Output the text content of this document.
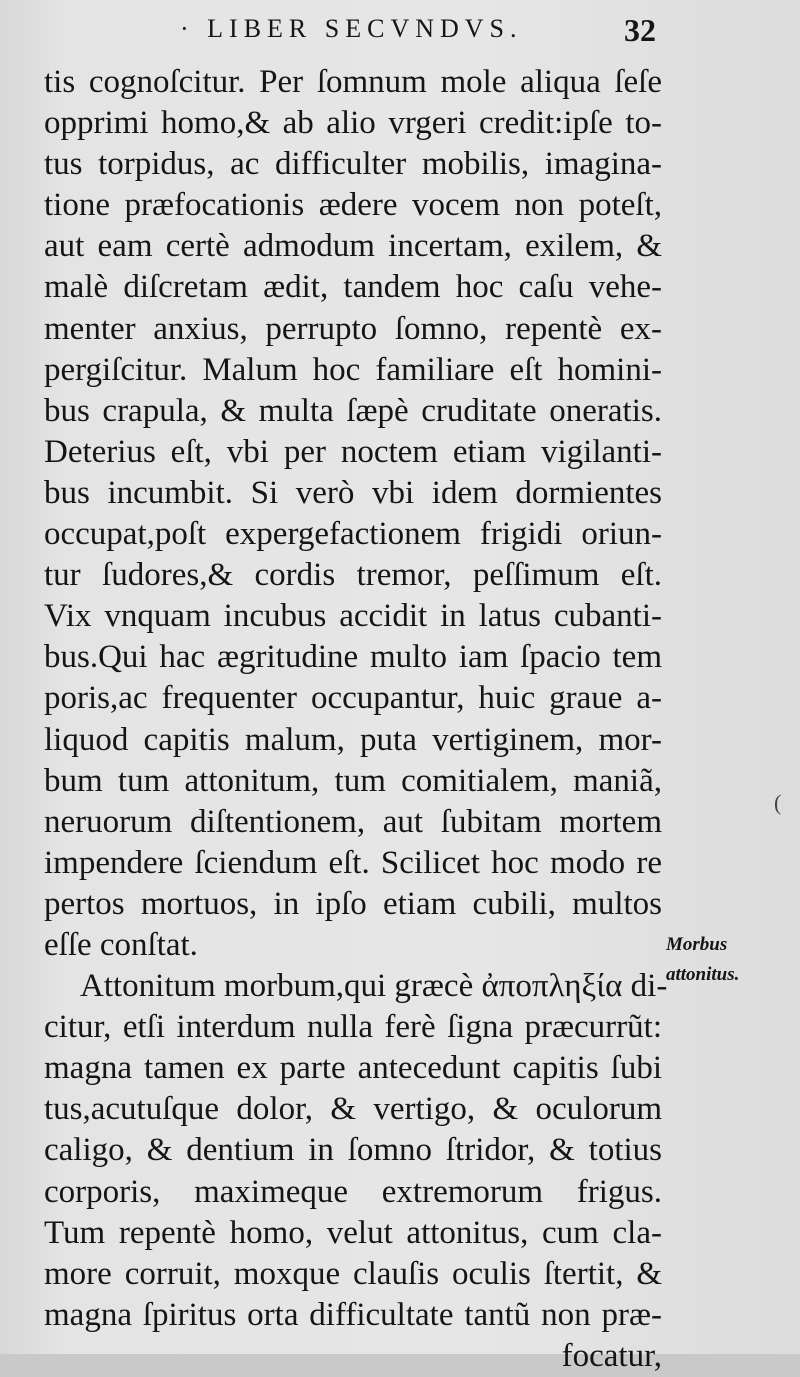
· LIBER SECVNDVS.	32
tis cognoſcitur. Per ſomnum mole aliqua ſeſe
opprimi homo,& ab alio vrgeri credit:ipſe to-
tus torpidus, ac difficulter mobilis, imagina-
tione præfocationis ædere vocem non poteſt,
aut eam certè admodum incertam, exilem, &
malè diſcretam ædit, tandem hoc caſu vehe-
menter anxius, perrupto ſomno, repentè ex-
pergiſcitur. Malum hoc familiare eſt homini-
bus crapula, & multa ſæpè cruditate oneratis.
Deterius eſt, vbi per noctem etiam vigilanti-
bus incumbit. Si verò vbi idem dormientes
occupat,poſt expergefactionem frigidi oriun-
tur ſudores,& cordis tremor, peſſimum eſt.
Vix vnquam incubus accidit in latus cubanti-
bus.Qui hac ægritudine multo iam ſpacio tem
poris,ac frequenter occupantur, huic graue a-
liquod capitis malum, puta vertiginem, mor-
bum tum attonitum, tum comitialem, maniã,
neruorum diſtentionem, aut ſubitam mortem
impendere ſciendum eſt. Scilicet hoc modo re
pertos mortuos, in ipſo etiam cubili, multos
eſſe conſtat.
Attonitum morbum,qui græcè ἀποπληξία di-
citur, etſi interdum nulla ferè ſigna præcurrũt:
magna tamen ex parte antecedunt capitis ſubi
tus,acutuſque dolor, & vertigo, & oculorum
caligo, & dentium in ſomno ſtridor, & totius
corporis, maximeque extremorum frigus.
Tum repentè homo, velut attonitus, cum cla-
more corruit, moxque clauſis oculis ſtertit, &
magna ſpiritus orta difficultate tantũ non præ-
focatur,
Morbus
attonitus.
(
